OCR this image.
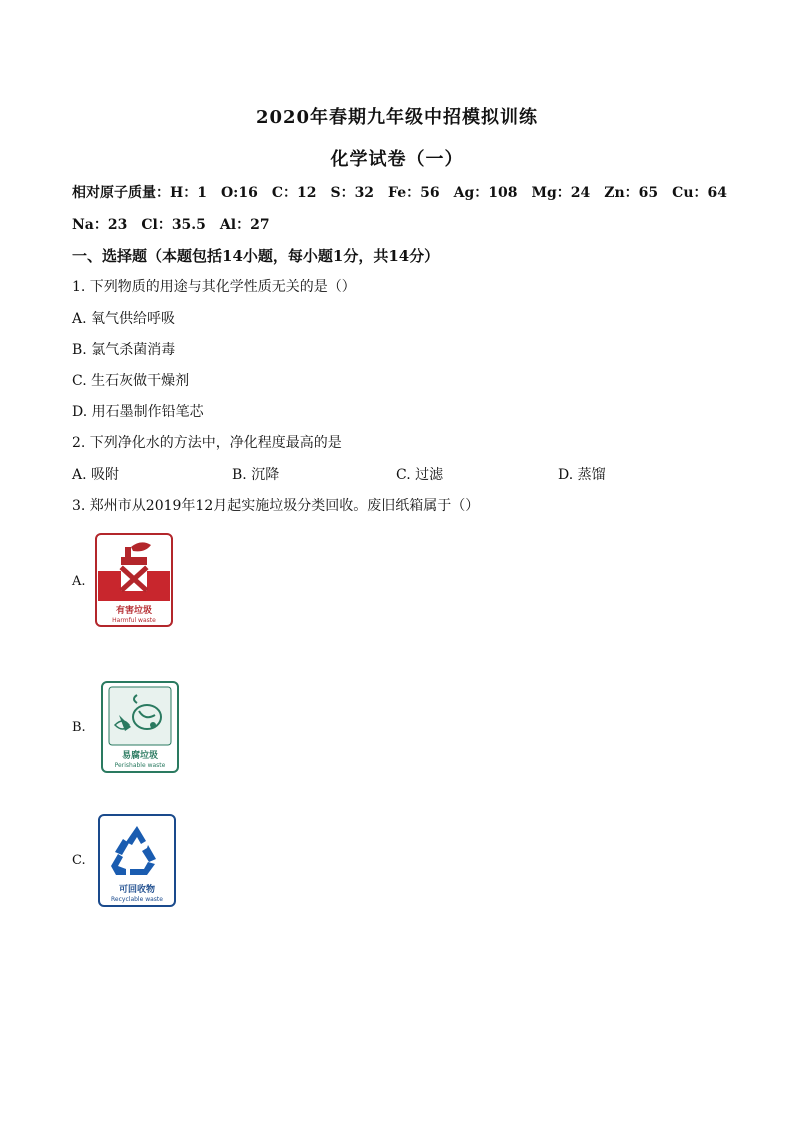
2020年春期九年级中招模拟训练
化学试卷（一）
相对原子质量：H：1 O:16 C：12 S：32 Fe：56 Ag：108 Mg：24 Zn：65 Cu：64
Na：23 Cl：35.5 Al：27
一、选择题（本题包括14小题，每小题1分，共14分）
1. 下列物质的用途与其化学性质无关的是（）
A. 氧气供给呼吸
B. 氯气杀菌消毒
C. 生石灰做干燥剂
D. 用石墨制作铅笔芯
2. 下列净化水的方法中，净化程度最高的是
A. 吸附	B. 沉降	C. 过滤	D. 蒸馏
3. 郑州市从2019年12月起实施垃圾分类回收。废旧纸箱属于（）
A.
有害垃圾
Harmful waste
B.
易腐垃圾
Perishable waste
C.
可回收物
Recyclable waste
